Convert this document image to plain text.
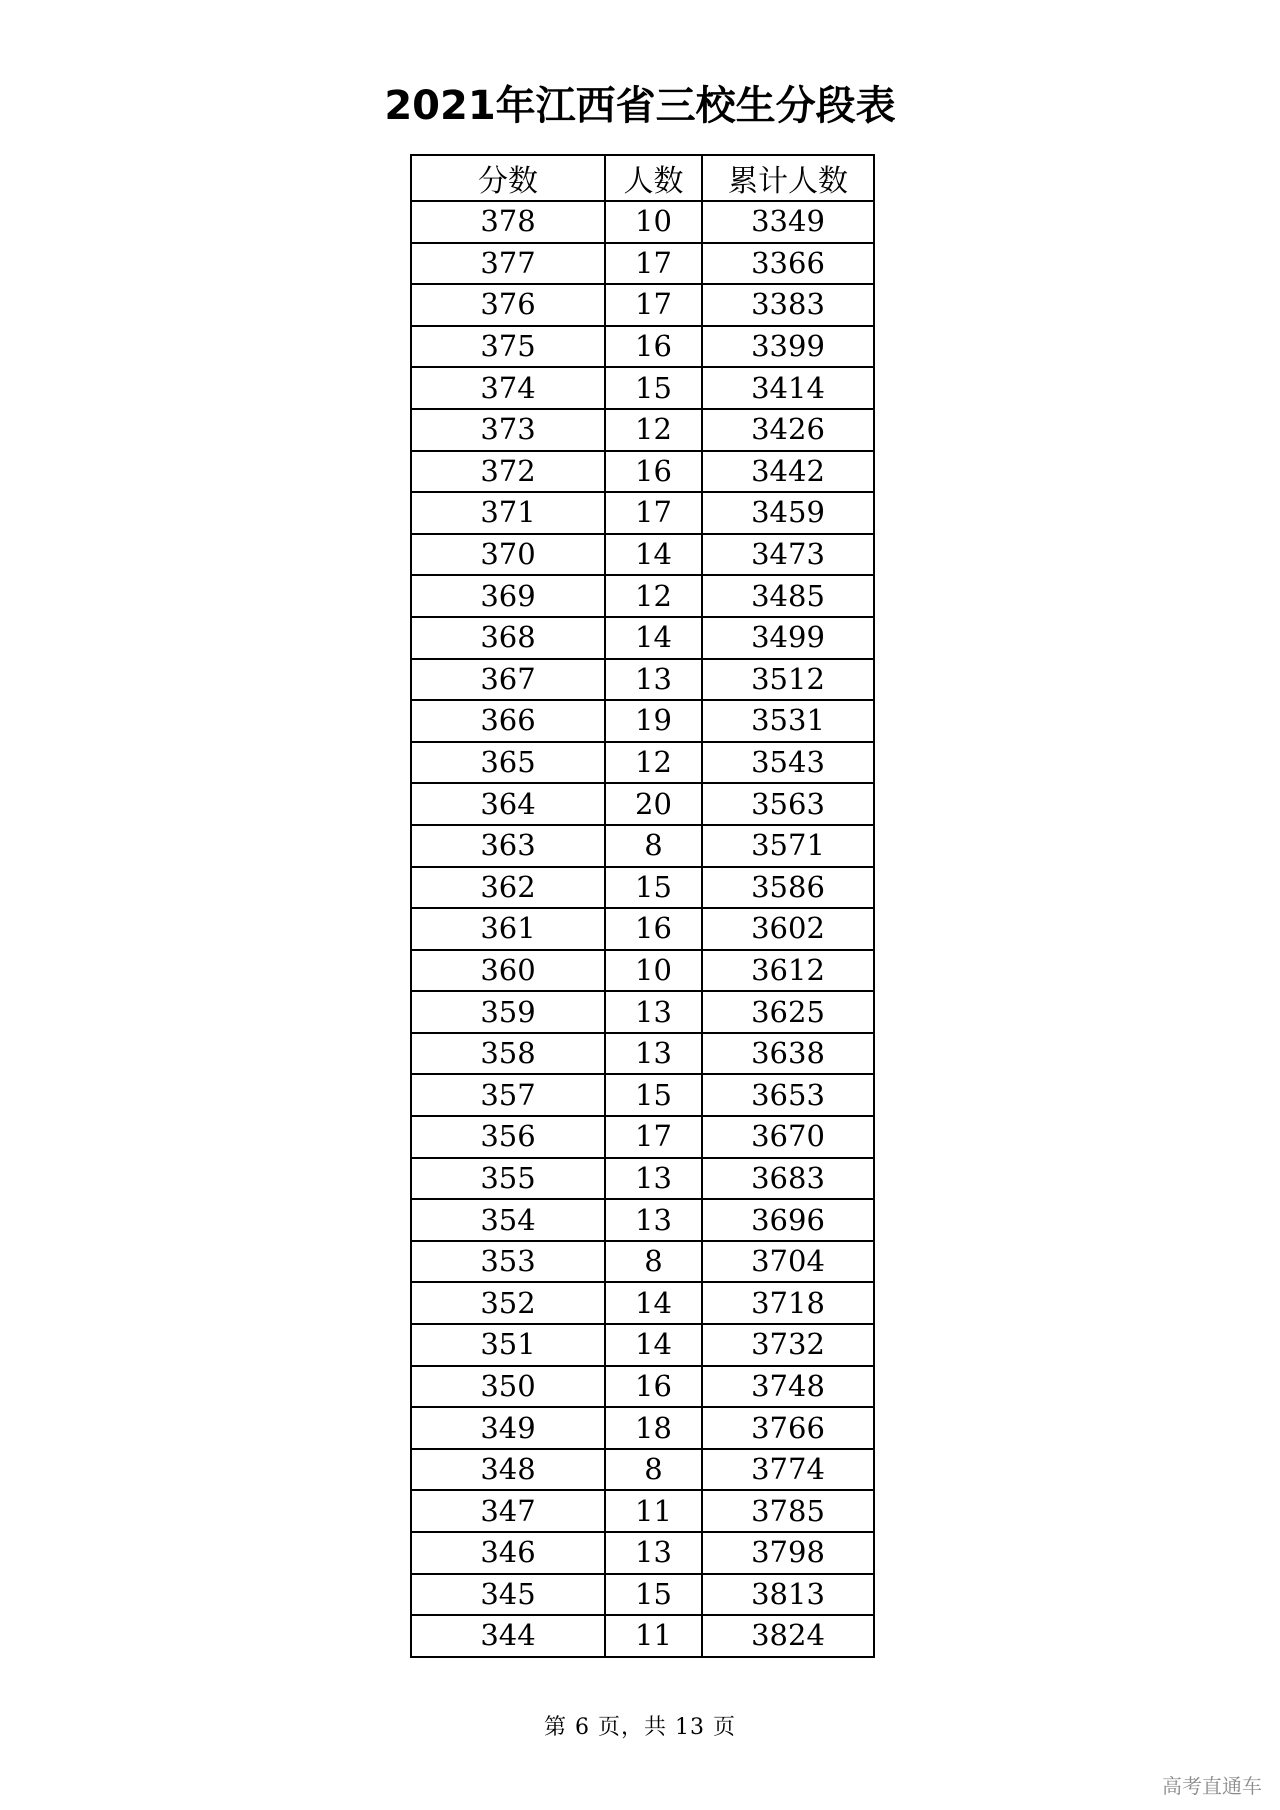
2021年江西省三校生分段表
分数	人数	累计人数
378	10	3349
377	17	3366
376	17	3383
375	16	3399
374	15	3414
373	12	3426
372	16	3442
371	17	3459
370	14	3473
369	12	3485
368	14	3499
367	13	3512
366	19	3531
365	12	3543
364	20	3563
363	8	3571
362	15	3586
361	16	3602
360	10	3612
359	13	3625
358	13	3638
357	15	3653
356	17	3670
355	13	3683
354	13	3696
353	8	3704
352	14	3718
351	14	3732
350	16	3748
349	18	3766
348	8	3774
347	11	3785
346	13	3798
345	15	3813
344	11	3824
第 6 页，共 13 页
高考直通车
